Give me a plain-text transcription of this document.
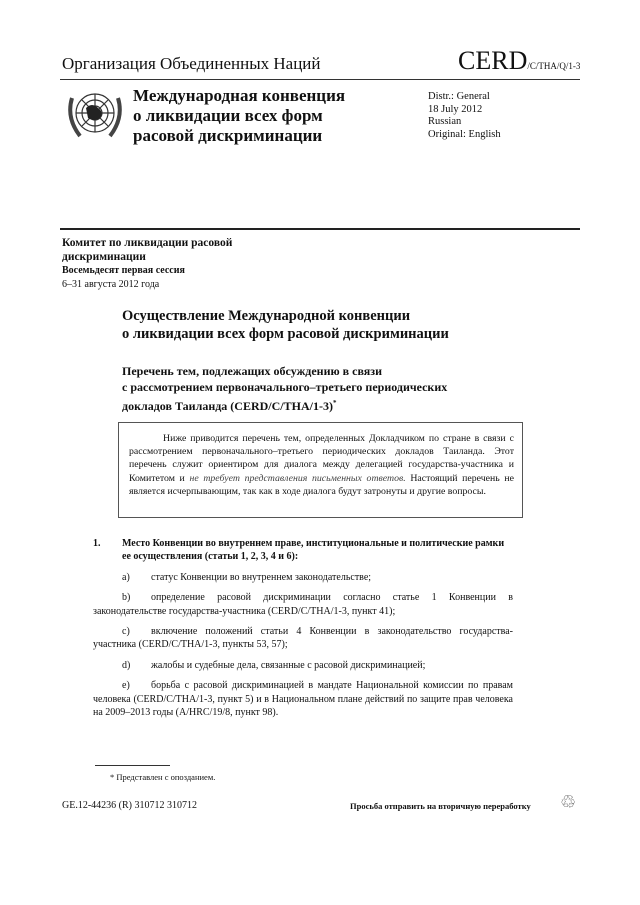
Организация Объединенных Наций	CERD/C/THA/Q/1-3
Международная конвенция
о ликвидации всех форм
расовой дискриминации
Distr.: General
18 July 2012
Russian
Original: English
Комитет по ликвидации расовой
дискриминации
Восемьдесят первая сессия
6–31 августа 2012 года
Осуществление Международной конвенции
о ликвидации всех форм расовой дискриминации
Перечень тем, подлежащих обсуждению в связи
с рассмотрением первоначального–третьего периодических
докладов Таиланда (CERD/C/THA/1-3)*

Ниже приводится перечень тем, определенных Докладчиком по стране в связи с рассмотрением первоначального–третьего периодических докладов Таиланда. Этот перечень служит ориентиром для диалога между делегацией государства-участника и Комитетом и не требует представления письменных ответов. Настоящий перечень не является исчерпывающим, так как в ходе диалога будут затронуты и другие вопросы.

1.	Место Конвенции во внутреннем праве, институциональные и политические рамки ее осуществления (статьи 1, 2, 3, 4 и 6):

a) статус Конвенции во внутреннем законодательстве;

b) определение расовой дискриминации согласно статье 1 Конвенции в законодательстве государства-участника (CERD/C/THA/1-3, пункт 41);

c) включение положений статьи 4 Конвенции в законодательство государства-участника (CERD/C/THA/1-3, пункты 53, 57);

d) жалобы и судебные дела, связанные с расовой дискриминацией;

e) борьба с расовой дискриминацией в мандате Национальной комиссии по правам человека (CERD/C/THA/1-3, пункт 5) и в Национальном плане действий по защите прав человека на 2009–2013 годы (A/HRC/19/8, пункт 98).

* Представлен с опозданием.
GE.12-44236 (R) 310712 310712	Просьба отправить на вторичную переработку ♲
